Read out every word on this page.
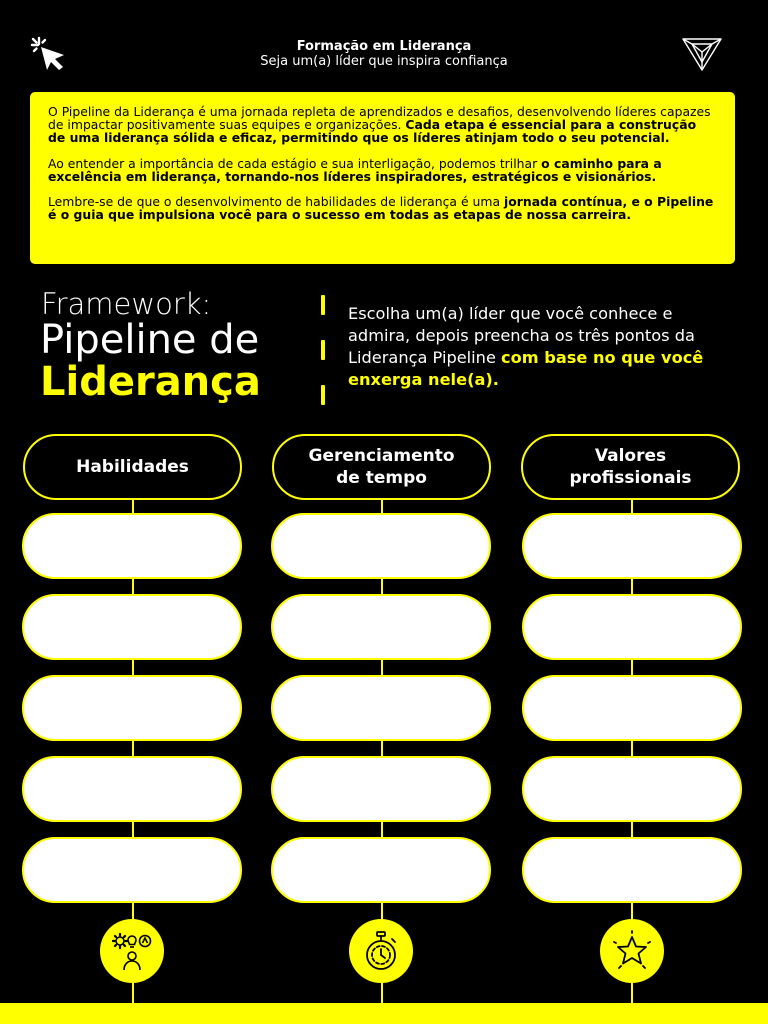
Formação em Liderança
Seja um(a) líder que inspira confiança

O Pipeline da Liderança é uma jornada repleta de aprendizados e desafios, desenvolvendo líderes capazes de impactar positivamente suas equipes e organizações. Cada etapa é essencial para a construção de uma liderança sólida e eficaz, permitindo que os líderes atinjam todo o seu potencial.

Ao entender a importância de cada estágio e sua interligação, podemos trilhar o caminho para a excelência em liderança, tornando-nos líderes inspiradores, estratégicos e visionários.

Lembre-se de que o desenvolvimento de habilidades de liderança é uma jornada contínua, e o Pipeline é o guia que impulsiona você para o sucesso em todas as etapas de nossa carreira.

Framework:
Pipeline de
Liderança
Escolha um(a) líder que você conhece e admira, depois preencha os três pontos da Liderança Pipeline com base no que você enxerga nele(a).
Habilidades
Gerenciamento de tempo
Valores profissionais
